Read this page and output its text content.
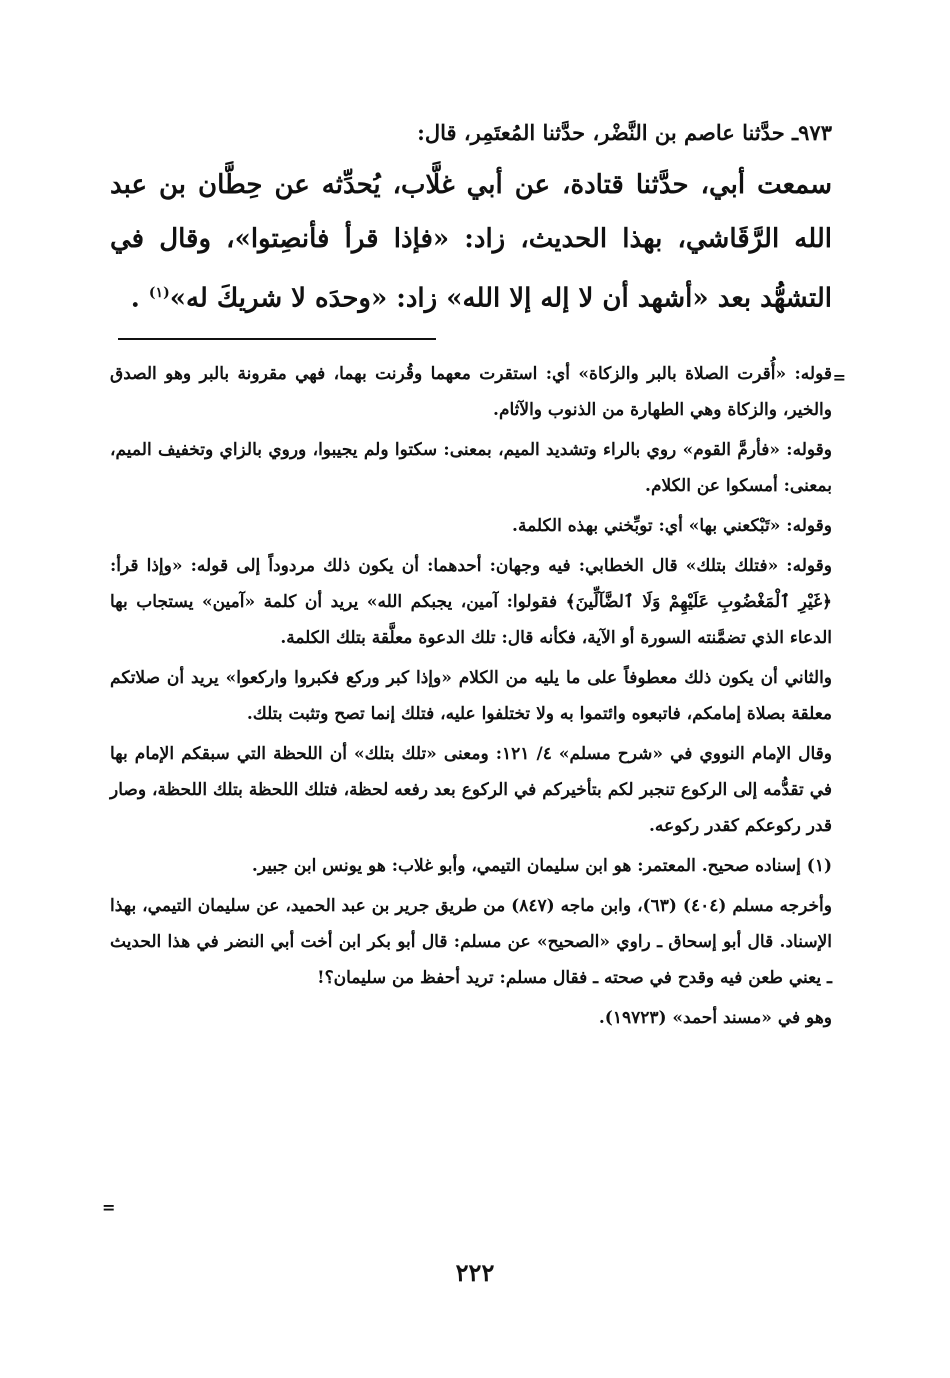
٩٧٣ـ حدَّثنا عاصم بن النَّضْر، حدَّثنا المُعتَمِر، قال:

سمعت أبي، حدَّثنا قتادة، عن أبي غلَّاب، يُحدِّثه عن حِطَّان بن عبد الله الرَّقَاشي، بهذا الحديث، زاد: «فإذا قرأ فأنصِتوا»، وقال في التشهُّد بعد «أشهد أن لا إله إلا الله» زاد: «وحدَه لا شريكَ له»$^{(١)}$ .

=

قوله: «أُقرت الصلاة بالبر والزكاة» أي: استقرت معهما وقُرنت بهما، فهي مقرونة بالبر وهو الصدق والخير، والزكاة وهي الطهارة من الذنوب والآثام.

وقوله: «فأرمَّ القوم» روي بالراء وتشديد الميم، بمعنى: سكتوا ولم يجيبوا، وروي بالزاي وتخفيف الميم، بمعنى: أمسكوا عن الكلام.

وقوله: «تَبْكعني بها» أي: توبِّخني بهذه الكلمة.

وقوله: «فتلك بتلك» قال الخطابي: فيه وجهان: أحدهما: أن يكون ذلك مردوداً إلى قوله: «وإذا قرأ: ﴿غَيْرِ ٱلْمَغْضُوبِ عَلَيْهِمْ وَلَا ٱلضَّآلِّينَ﴾ فقولوا: آمين، يجبكم الله» يريد أن كلمة «آمين» يستجاب بها الدعاء الذي تضمَّنته السورة أو الآية، فكأنه قال: تلك الدعوة معلَّقة بتلك الكلمة.

والثاني أن يكون ذلك معطوفاً على ما يليه من الكلام «وإذا كبر وركع فكبروا واركعوا» يريد أن صلاتكم معلقة بصلاة إمامكم، فاتبعوه وائتموا به ولا تختلفوا عليه، فتلك إنما تصح وتثبت بتلك.

وقال الإمام النووي في «شرح مسلم» ٤/ ١٢١: ومعنى «تلك بتلك» أن اللحظة التي سبقكم الإمام بها في تقدُّمه إلى الركوع تنجبر لكم بتأخيركم في الركوع بعد رفعه لحظة، فتلك اللحظة بتلك اللحظة، وصار قدر ركوعكم كقدر ركوعه.

(١) إسناده صحيح. المعتمر: هو ابن سليمان التيمي، وأبو غلاب: هو يونس ابن جبير.

وأخرجه مسلم (٤٠٤) (٦٣)، وابن ماجه (٨٤٧) من طريق جرير بن عبد الحميد، عن سليمان التيمي، بهذا الإسناد. قال أبو إسحاق ـ راوي «الصحيح» عن مسلم: قال أبو بكر ابن أخت أبي النضر في هذا الحديث ـ يعني طعن فيه وقدح في صحته ـ فقال مسلم: تريد أحفظ من سليمان؟!

وهو في «مسند أحمد» (١٩٧٢٣).

=
٢٢٢
